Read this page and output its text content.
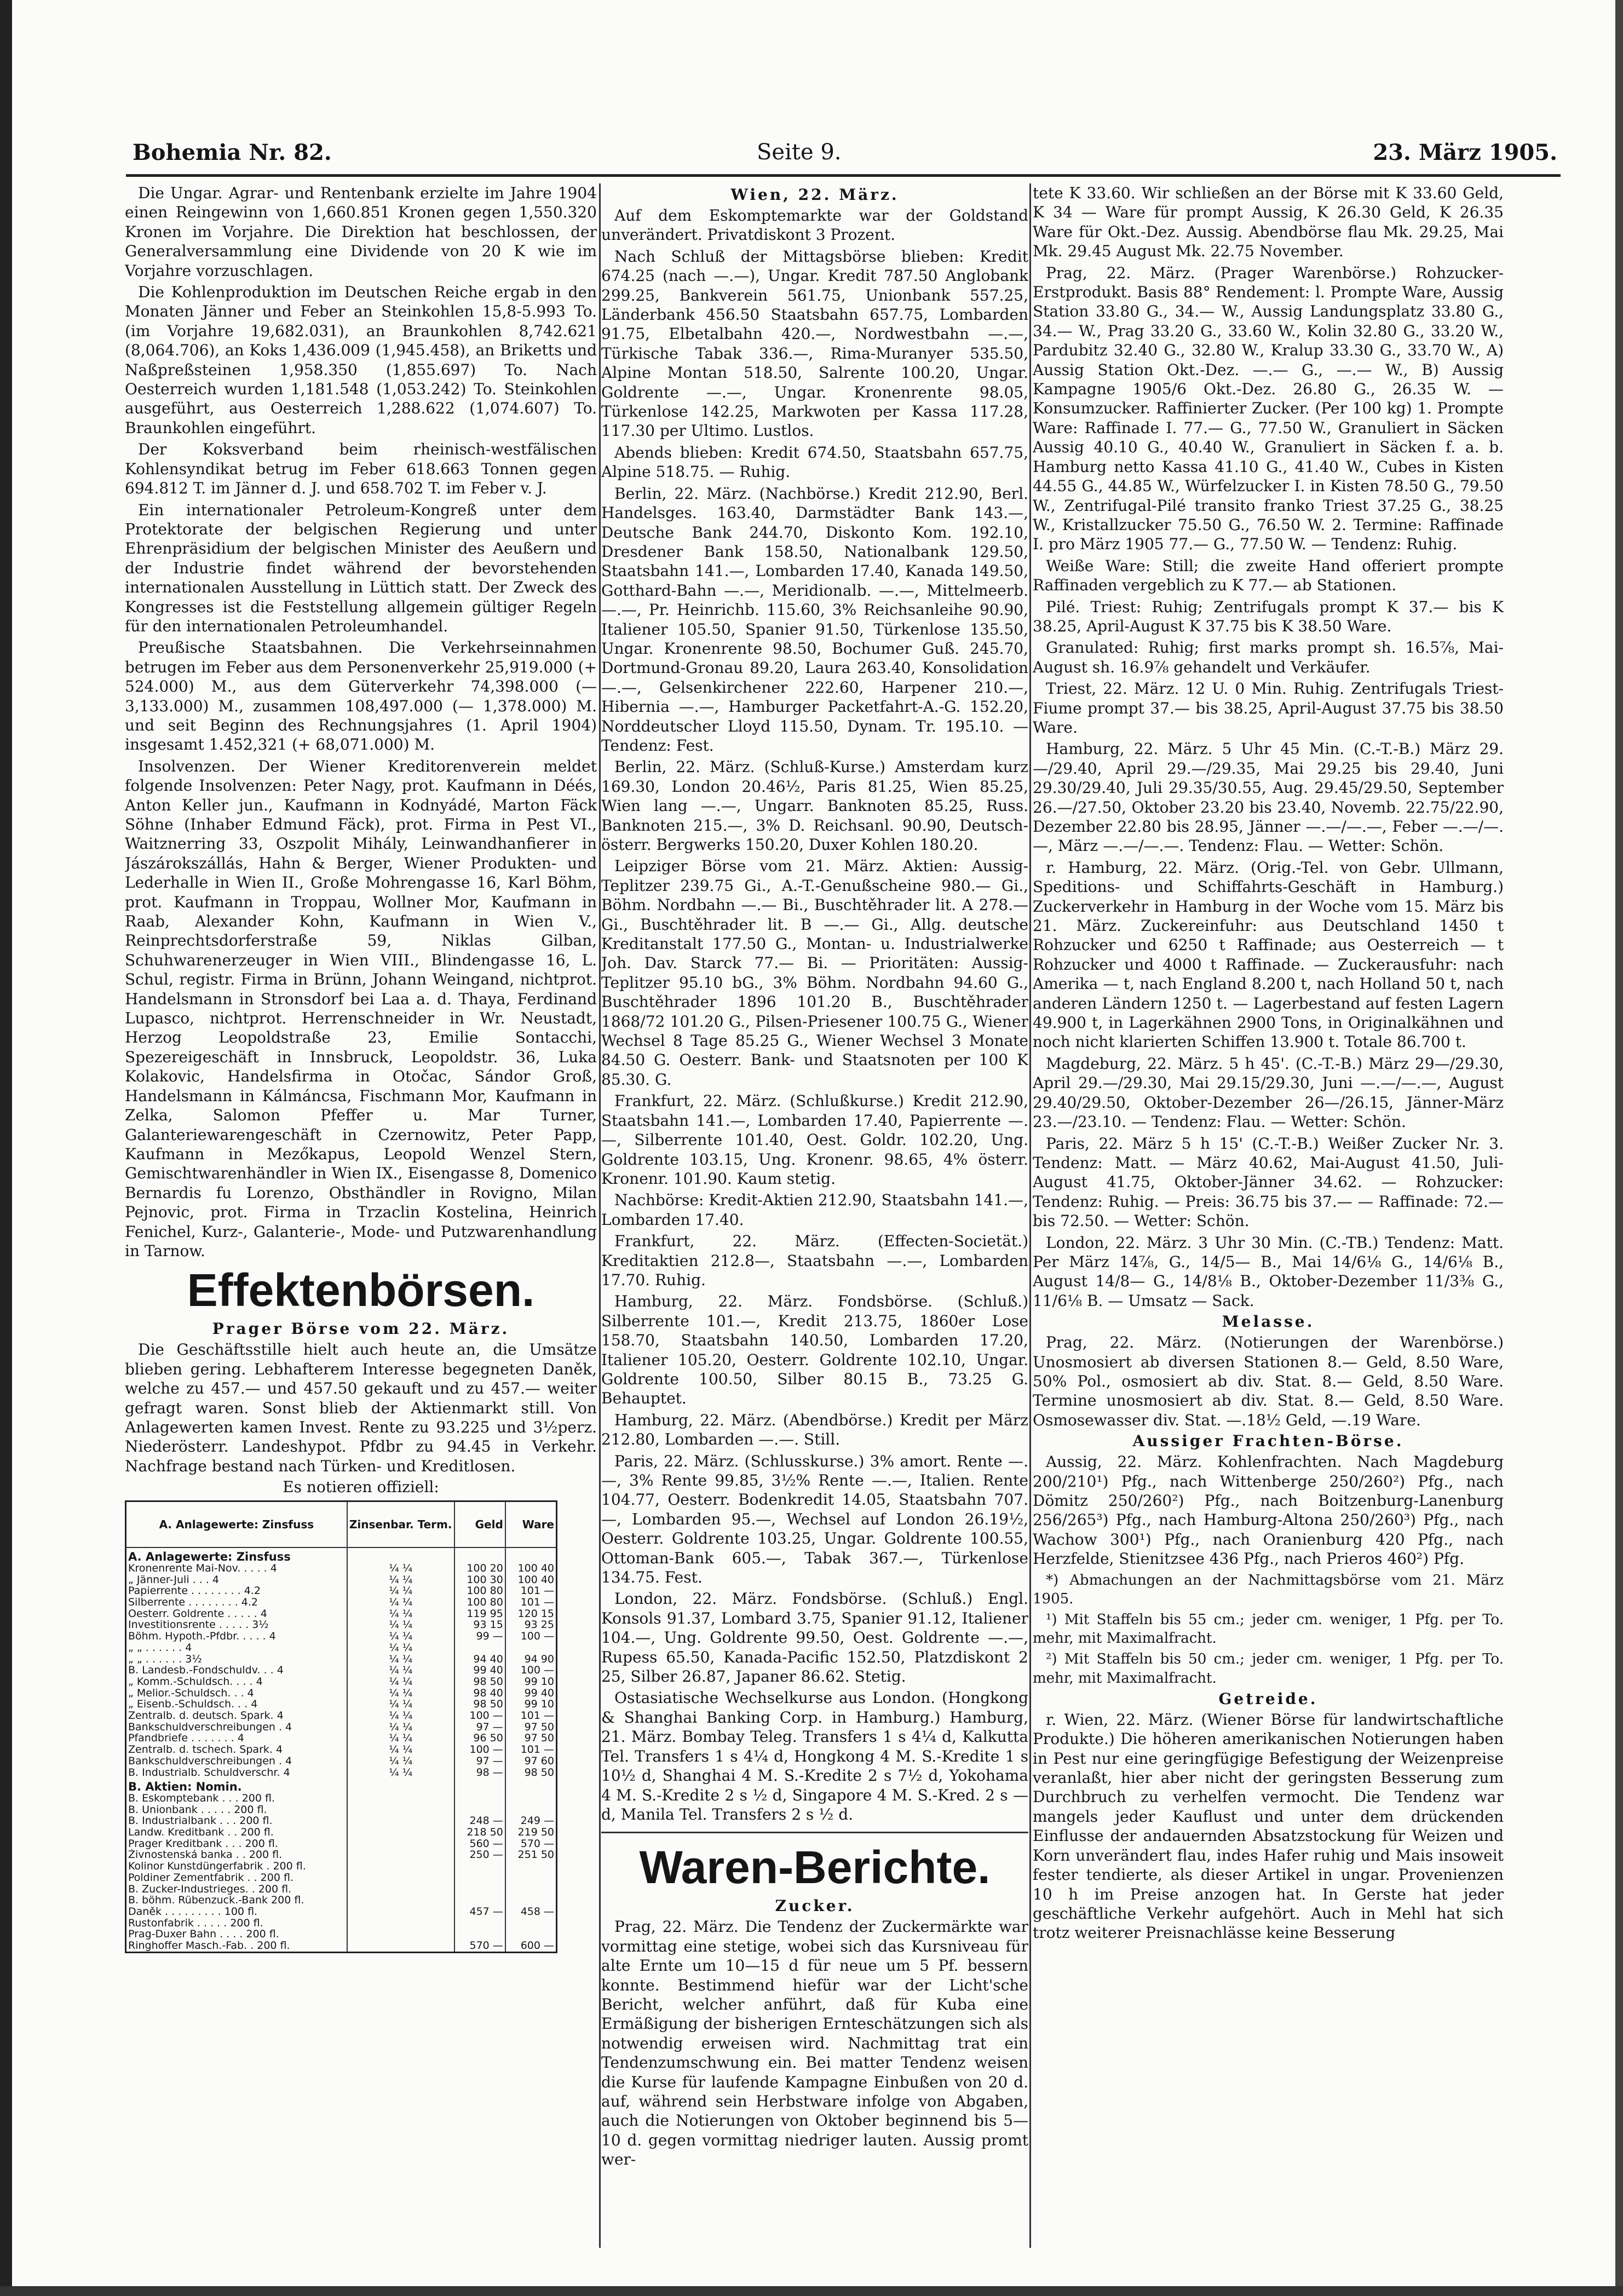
Bohemia Nr. 82.	Seite 9.	23. März 1905.

Die Ungar. Agrar- und Rentenbank erzielte im Jahre 1904 einen Reingewinn von 1,660.851 Kronen gegen 1,550.320 Kronen im Vorjahre. Die Direktion hat beschlossen, der Generalversammlung eine Dividende von 20 K wie im Vorjahre vorzuschlagen.

Die Kohlenproduktion im Deutschen Reiche ergab in den Monaten Jänner und Feber an Steinkohlen 15,8-5.993 To. (im Vorjahre 19,682.031), an Braunkohlen 8,742.621 (8,064.706), an Koks 1,436.009 (1,945.458), an Briketts und Naßpreßsteinen 1,958.350 (1,855.697) To. Nach Oesterreich wurden 1,181.548 (1,053.242) To. Steinkohlen ausgeführt, aus Oesterreich 1,288.622 (1,074.607) To. Braunkohlen eingeführt.

Der Koksverband beim rheinisch-westfälischen Kohlensyndikat betrug im Feber 618.663 Tonnen gegen 694.812 T. im Jänner d. J. und 658.702 T. im Feber v. J.

Ein internationaler Petroleum-Kongreß unter dem Protektorate der belgischen Regierung und unter Ehrenpräsidium der belgischen Minister des Aeußern und der Industrie findet während der bevorstehenden internationalen Ausstellung in Lüttich statt. Der Zweck des Kongresses ist die Feststellung allgemein gültiger Regeln für den internationalen Petroleumhandel.

Preußische Staatsbahnen. Die Verkehrseinnahmen betrugen im Feber aus dem Personenverkehr 25,919.000 (+ 524.000) M., aus dem Güterverkehr 74,398.000 (— 3,133.000) M., zusammen 108,497.000 (— 1,378.000) M. und seit Beginn des Rechnungsjahres (1. April 1904) insgesamt 1.452,321 (+ 68,071.000) M.

Insolvenzen. Der Wiener Kreditorenverein meldet folgende Insolvenzen: Peter Nagy, prot. Kaufmann in Déés, Anton Keller jun., Kaufmann in Kodnyádé, Marton Fäck Söhne (Inhaber Edmund Fäck), prot. Firma in Pest VI., Waitznerring 33, Oszpolit Mihály, Leinwandhanfierer in Jászárokszállás, Hahn & Berger, Wiener Produkten- und Lederhalle in Wien II., Große Mohrengasse 16, Karl Böhm, prot. Kaufmann in Troppau, Wollner Mor, Kaufmann in Raab, Alexander Kohn, Kaufmann in Wien V., Reinprechtsdorferstraße 59, Niklas Gilban, Schuhwarenerzeuger in Wien VIII., Blindengasse 16, L. Schul, registr. Firma in Brünn, Johann Weingand, nichtprot. Handelsmann in Stronsdorf bei Laa a. d. Thaya, Ferdinand Lupasco, nichtprot. Herrenschneider in Wr. Neustadt, Herzog Leopoldstraße 23, Emilie Sontacchi, Spezereigeschäft in Innsbruck, Leopoldstr. 36, Luka Kolakovic, Handelsfirma in Otočac, Sándor Groß, Handelsmann in Kálmáncsa, Fischmann Mor, Kaufmann in Zelka, Salomon Pfeffer u. Mar Turner, Galanteriewarengeschäft in Czernowitz, Peter Papp, Kaufmann in Mezőkapus, Leopold Wenzel Stern, Gemischtwarenhändler in Wien IX., Eisengasse 8, Domenico Bernardis fu Lorenzo, Obsthändler in Rovigno, Milan Pejnovic, prot. Firma in Trzaclin Kostelina, Heinrich Fenichel, Kurz-, Galanterie-, Mode- und Putzwarenhandlung in Tarnow.

Effektenbörsen.
Prager Börse vom 22. März.

Die Geschäftsstille hielt auch heute an, die Umsätze blieben gering. Lebhafterem Interesse begegneten Daněk, welche zu 457.— und 457.50 gekauft und zu 457.— weiter gefragt waren. Sonst blieb der Aktienmarkt still. Von Anlagewerten kamen Invest. Rente zu 93.225 und 3½perz. Niederösterr. Landeshypot. Pfdbr zu 94.45 in Verkehr. Nachfrage bestand nach Türken- und Kreditlosen.

Es notieren offiziell:
A. Anlagewerte: Zinsfuss	Zinsenbar. Term.	Geld	Ware
A. Anlagewerte: Zinsfuss			
Kronenrente Mai-Nov. . . . . 4	¼ ¼	100 20	100 40
„ Jänner-Juli . . . 4	¼ ¼	100 30	100 40
Papierrente . . . . . . . . 4.2	¼ ¼	100 80	101 —
Silberrente . . . . . . . . 4.2	¼ ¼	100 80	101 —
Oesterr. Goldrente . . . . . 4	¼ ¼	119 95	120 15
Investitionsrente . . . . . 3½	¼ ¼	93 15	93 25
Böhm. Hypoth.-Pfdbr. . . . . 4	¼ ¼	99 —	100 —
„ „ . . . . . . 4	¼ ¼		
„ „ . . . . . . 3½	¼ ¼	94 40	94 90
B. Landesb.-Fondschuldv. . . 4	¼ ¼	99 40	100 —
„ Komm.-Schuldsch. . . . 4	¼ ¼	98 50	99 10
„ Melior.-Schuldsch. . . 4	¼ ¼	98 40	99 40
„ Eisenb.-Schuldsch. . . 4	¼ ¼	98 50	99 10
Zentralb. d. deutsch. Spark. 4	¼ ¼	100 —	101 —
Bankschuldverschreibungen . 4	¼ ¼	97 —	97 50
Pfandbriefe . . . . . . . 4	¼ ¼	96 50	97 50
Zentralb. d. tschech. Spark. 4	¼ ¼	100 —	101 —
Bankschuldverschreibungen . 4	¼ ¼	97 —	97 60
B. Industrialb. Schuldverschr. 4	¼ ¼	98 —	98 50
B. Aktien: Nomin.			
B. Eskomptebank . . . 200 fl.			
B. Unionbank . . . . . 200 fl.			
B. Industrialbank . . . 200 fl.		248 —	249 —
Landw. Kreditbank . . 200 fl.		218 50	219 50
Prager Kreditbank . . . 200 fl.		560 —	570 —
Živnostenská banka . . 200 fl.		250 —	251 50
Kolinor Kunstdüngerfabrik . 200 fl.			
Poldiner Zementfabrik . . 200 fl.			
B. Zucker-Industrieges. . 200 fl.			
B. böhm. Rübenzuck.-Bank 200 fl.			
Daněk . . . . . . . . . 100 fl.		457 —	458 —
Rustonfabrik . . . . . 200 fl.			
Prag-Duxer Bahn . . . . 200 fl.			
Ringhoffer Masch.-Fab. . 200 fl.		570 —	600 —
Wien, 22. März.

Auf dem Eskomptemarkte war der Goldstand unverändert. Privatdiskont 3 Prozent.

Nach Schluß der Mittagsbörse blieben: Kredit 674.25 (nach —.—), Ungar. Kredit 787.50 Anglobank 299.25, Bankverein 561.75, Unionbank 557.25, Länderbank 456.50 Staatsbahn 657.75, Lombarden 91.75, Elbetalbahn 420.—, Nordwestbahn —.—, Türkische Tabak 336.—, Rima-Muranyer 535.50, Alpine Montan 518.50, Salrente 100.20, Ungar. Goldrente —.—, Ungar. Kronenrente 98.05, Türkenlose 142.25, Markwoten per Kassa 117.28, 117.30 per Ultimo. Lustlos.

Abends blieben: Kredit 674.50, Staatsbahn 657.75, Alpine 518.75. — Ruhig.

Berlin, 22. März. (Nachbörse.) Kredit 212.90, Berl. Handelsges. 163.40, Darmstädter Bank 143.—, Deutsche Bank 244.70, Diskonto Kom. 192.10, Dresdener Bank 158.50, Nationalbank 129.50, Staatsbahn 141.—, Lombarden 17.40, Kanada 149.50, Gotthard-Bahn —.—, Meridionalb. —.—, Mittelmeerb. —.—, Pr. Heinrichb. 115.60, 3% Reichsanleihe 90.90, Italiener 105.50, Spanier 91.50, Türkenlose 135.50, Ungar. Kronenrente 98.50, Bochumer Guß. 245.70, Dortmund-Gronau 89.20, Laura 263.40, Konsolidation —.—, Gelsenkirchener 222.60, Harpener 210.—, Hibernia —.—, Hamburger Packetfahrt-A.-G. 152.20, Norddeutscher Lloyd 115.50, Dynam. Tr. 195.10. — Tendenz: Fest.

Berlin, 22. März. (Schluß-Kurse.) Amsterdam kurz 169.30, London 20.46½, Paris 81.25, Wien 85.25, Wien lang —.—, Ungarr. Banknoten 85.25, Russ. Banknoten 215.—, 3% D. Reichsanl. 90.90, Deutsch-österr. Bergwerks 150.20, Duxer Kohlen 180.20.

Leipziger Börse vom 21. März. Aktien: Aussig-Teplitzer 239.75 Gi., A.-T.-Genußscheine 980.— Gi., Böhm. Nordbahn —.— Bi., Buschtěhrader lit. A 278.— Gi., Buschtěhrader lit. B —.— Gi., Allg. deutsche Kreditanstalt 177.50 G., Montan- u. Industrialwerke Joh. Dav. Starck 77.— Bi. — Prioritäten: Aussig-Teplitzer 95.10 bG., 3% Böhm. Nordbahn 94.60 G., Buschtěhrader 1896 101.20 B., Buschtěhrader 1868/72 101.20 G., Pilsen-Priesener 100.75 G., Wiener Wechsel 8 Tage 85.25 G., Wiener Wechsel 3 Monate 84.50 G. Oesterr. Bank- und Staatsnoten per 100 K 85.30. G.

Frankfurt, 22. März. (Schlußkurse.) Kredit 212.90, Staatsbahn 141.—, Lombarden 17.40, Papierrente —.—, Silberrente 101.40, Oest. Goldr. 102.20, Ung. Goldrente 103.15, Ung. Kronenr. 98.65, 4% österr. Kronenr. 101.90. Kaum stetig.

Nachbörse: Kredit-Aktien 212.90, Staatsbahn 141.—, Lombarden 17.40.

Frankfurt, 22. März. (Effecten-Societät.) Kreditaktien 212.8—, Staatsbahn —.—, Lombarden 17.70. Ruhig.

Hamburg, 22. März. Fondsbörse. (Schluß.) Silberrente 101.—, Kredit 213.75, 1860er Lose 158.70, Staatsbahn 140.50, Lombarden 17.20, Italiener 105.20, Oesterr. Goldrente 102.10, Ungar. Goldrente 100.50, Silber 80.15 B., 73.25 G. Behauptet.

Hamburg, 22. März. (Abendbörse.) Kredit per März 212.80, Lombarden —.—. Still.

Paris, 22. März. (Schlusskurse.) 3% amort. Rente —.—, 3% Rente 99.85, 3½% Rente —.—, Italien. Rente 104.77, Oesterr. Bodenkredit 14.05, Staatsbahn 707.—, Lombarden 95.—, Wechsel auf London 26.19½, Oesterr. Goldrente 103.25, Ungar. Goldrente 100.55, Ottoman-Bank 605.—, Tabak 367.—, Türkenlose 134.75. Fest.

London, 22. März. Fondsbörse. (Schluß.) Engl. Konsols 91.37, Lombard 3.75, Spanier 91.12, Italiener 104.—, Ung. Goldrente 99.50, Oest. Goldrente —.—, Rupess 65.50, Kanada-Pacific 152.50, Platzdiskont 2 25, Silber 26.87, Japaner 86.62. Stetig.

Ostasiatische Wechselkurse aus London. (Hongkong & Shanghai Banking Corp. in Hamburg.) Hamburg, 21. März. Bombay Teleg. Transfers 1 s 4¼ d, Kalkutta Tel. Transfers 1 s 4¼ d, Hongkong 4 M. S.-Kredite 1 s 10½ d, Shanghai 4 M. S.-Kredite 2 s 7½ d, Yokohama 4 M. S.-Kredite 2 s ½ d, Singapore 4 M. S.-Kred. 2 s — d, Manila Tel. Transfers 2 s ½ d.

Waren-Berichte.
Zucker.

Prag, 22. März. Die Tendenz der Zuckermärkte war vormittag eine stetige, wobei sich das Kursniveau für alte Ernte um 10—15 d für neue um 5 Pf. bessern konnte. Bestimmend hiefür war der Licht'sche Bericht, welcher anführt, daß für Kuba eine Ermäßigung der bisherigen Ernteschätzungen sich als notwendig erweisen wird. Nachmittag trat ein Tendenzumschwung ein. Bei matter Tendenz weisen die Kurse für laufende Kampagne Einbußen von 20 d. auf, während sein Herbstware infolge von Abgaben, auch die Notierungen von Oktober beginnend bis 5—10 d. gegen vormittag niedriger lauten. Aussig promt wer-

tete K 33.60. Wir schließen an der Börse mit K 33.60 Geld, K 34 — Ware für prompt Aussig, K 26.30 Geld, K 26.35 Ware für Okt.-Dez. Aussig. Abendbörse flau Mk. 29.25, Mai Mk. 29.45 August Mk. 22.75 November.

Prag, 22. März. (Prager Warenbörse.) Rohzucker-Erstprodukt. Basis 88° Rendement: l. Prompte Ware, Aussig Station 33.80 G., 34.— W., Aussig Landungsplatz 33.80 G., 34.— W., Prag 33.20 G., 33.60 W., Kolin 32.80 G., 33.20 W., Pardubitz 32.40 G., 32.80 W., Kralup 33.30 G., 33.70 W., A) Aussig Station Okt.-Dez. —.— G., —.— W., B) Aussig Kampagne 1905/6 Okt.-Dez. 26.80 G., 26.35 W. — Konsumzucker. Raffinierter Zucker. (Per 100 kg) 1. Prompte Ware: Raffinade I. 77.— G., 77.50 W., Granuliert in Säcken Aussig 40.10 G., 40.40 W., Granuliert in Säcken f. a. b. Hamburg netto Kassa 41.10 G., 41.40 W., Cubes in Kisten 44.55 G., 44.85 W., Würfelzucker I. in Kisten 78.50 G., 79.50 W., Zentrifugal-Pilé transito franko Triest 37.25 G., 38.25 W., Kristallzucker 75.50 G., 76.50 W. 2. Termine: Raffinade I. pro März 1905 77.— G., 77.50 W. — Tendenz: Ruhig.

Weiße Ware: Still; die zweite Hand offeriert prompte Raffinaden vergeblich zu K 77.— ab Stationen.

Pilé. Triest: Ruhig; Zentrifugals prompt K 37.— bis K 38.25, April-August K 37.75 bis K 38.50 Ware.

Granulated: Ruhig; first marks prompt sh. 16.5⅞, Mai-August sh. 16.9⅞ gehandelt und Verkäufer.

Triest, 22. März. 12 U. 0 Min. Ruhig. Zentrifugals Triest-Fiume prompt 37.— bis 38.25, April-August 37.75 bis 38.50 Ware.

Hamburg, 22. März. 5 Uhr 45 Min. (C.-T.-B.) März 29.—/29.40, April 29.—/29.35, Mai 29.25 bis 29.40, Juni 29.30/29.40, Juli 29.35/30.55, Aug. 29.45/29.50, September 26.—/27.50, Oktober 23.20 bis 23.40, Novemb. 22.75/22.90, Dezember 22.80 bis 28.95, Jänner —.—/—.—, Feber —.—/—.—, März —.—/—.—. Tendenz: Flau. — Wetter: Schön.

r. Hamburg, 22. März. (Orig.-Tel. von Gebr. Ullmann, Speditions- und Schiffahrts-Geschäft in Hamburg.) Zuckerverkehr in Hamburg in der Woche vom 15. März bis 21. März. Zuckereinfuhr: aus Deutschland 1450 t Rohzucker und 6250 t Raffinade; aus Oesterreich — t Rohzucker und 4000 t Raffinade. — Zuckerausfuhr: nach Amerika — t, nach England 8.200 t, nach Holland 50 t, nach anderen Ländern 1250 t. — Lagerbestand auf festen Lagern 49.900 t, in Lagerkähnen 2900 Tons, in Originalkähnen und noch nicht klarierten Schiffen 13.900 t. Totale 86.700 t.

Magdeburg, 22. März. 5 h 45'. (C.-T.-B.) März 29—/29.30, April 29.—/29.30, Mai 29.15/29.30, Juni —.—/—.—, August 29.40/29.50, Oktober-Dezember 26—/26.15, Jänner-März 23.—/23.10. — Tendenz: Flau. — Wetter: Schön.

Paris, 22. März 5 h 15' (C.-T.-B.) Weißer Zucker Nr. 3. Tendenz: Matt. — März 40.62, Mai-August 41.50, Juli-August 41.75, Oktober-Jänner 34.62. — Rohzucker: Tendenz: Ruhig. — Preis: 36.75 bis 37.— — Raffinade: 72.— bis 72.50. — Wetter: Schön.

London, 22. März. 3 Uhr 30 Min. (C.-TB.) Tendenz: Matt. Per März 14⅞, G., 14/5— B., Mai 14/6⅛ G., 14/6⅛ B., August 14/8— G., 14/8⅛ B., Oktober-Dezember 11/3⅜ G., 11/6⅛ B. — Umsatz — Sack.

Melasse.

Prag, 22. März. (Notierungen der Warenbörse.) Unosmosiert ab diversen Stationen 8.— Geld, 8.50 Ware, 50% Pol., osmosiert ab div. Stat. 8.— Geld, 8.50 Ware. Termine unosmosiert ab div. Stat. 8.— Geld, 8.50 Ware. Osmosewasser div. Stat. —.18½ Geld, —.19 Ware.

Aussiger Frachten-Börse.

Aussig, 22. März. Kohlenfrachten. Nach Magdeburg 200/210¹) Pfg., nach Wittenberge 250/260²) Pfg., nach Dömitz 250/260²) Pfg., nach Boitzenburg-Lanenburg 256/265³) Pfg., nach Hamburg-Altona 250/260³) Pfg., nach Wachow 300¹) Pfg., nach Oranienburg 420 Pfg., nach Herzfelde, Stienitzsee 436 Pfg., nach Prieros 460²) Pfg.

*) Abmachungen an der Nachmittagsbörse vom 21. März 1905.

¹) Mit Staffeln bis 55 cm.; jeder cm. weniger, 1 Pfg. per To. mehr, mit Maximalfracht.

²) Mit Staffeln bis 50 cm.; jeder cm. weniger, 1 Pfg. per To. mehr, mit Maximalfracht.

Getreide.

r. Wien, 22. März. (Wiener Börse für landwirtschaftliche Produkte.) Die höheren amerikanischen Notierungen haben in Pest nur eine geringfügige Befestigung der Weizenpreise veranlaßt, hier aber nicht der geringsten Besserung zum Durchbruch zu verhelfen vermocht. Die Tendenz war mangels jeder Kauflust und unter dem drückenden Einflusse der andauernden Absatzstockung für Weizen und Korn unverändert flau, indes Hafer ruhig und Mais insoweit fester tendierte, als dieser Artikel in ungar. Provenienzen 10 h im Preise anzogen hat. In Gerste hat jeder geschäftliche Verkehr aufgehört. Auch in Mehl hat sich trotz weiterer Preisnachlässe keine Besserung
